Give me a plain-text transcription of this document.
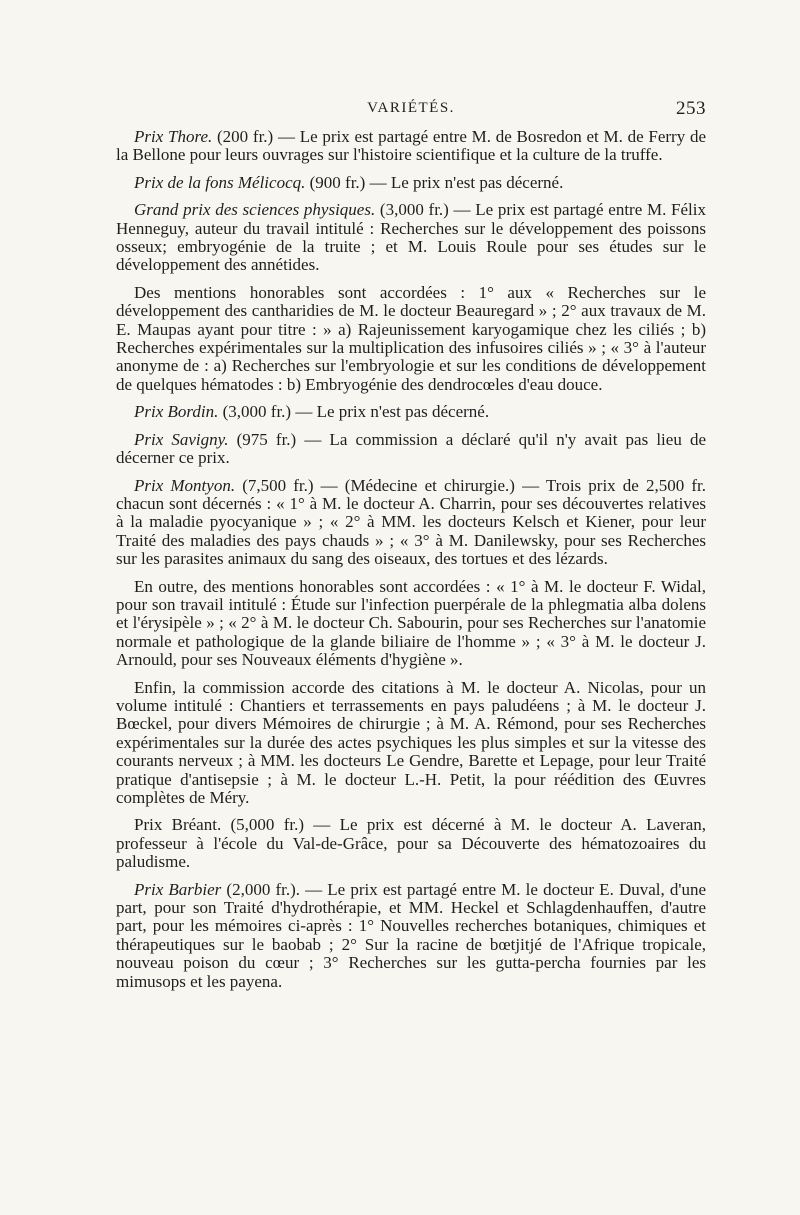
VARIÉTÉS.	253

Prix Thore. (200 fr.) — Le prix est partagé entre M. de Bosredon et M. de Ferry de la Bellone pour leurs ouvrages sur l'histoire scientifique et la culture de la truffe.

Prix de la fons Mélicocq. (900 fr.) — Le prix n'est pas décerné.

Grand prix des sciences physiques. (3,000 fr.) — Le prix est partagé entre M. Félix Henneguy, auteur du travail intitulé : Recherches sur le développement des poissons osseux; embryogénie de la truite ; et M. Louis Roule pour ses études sur le développement des annétides.

Des mentions honorables sont accordées : 1° aux « Recherches sur le développement des cantharidies de M. le docteur Beauregard » ; 2° aux travaux de M. E. Maupas ayant pour titre : » a) Rajeunissement karyogamique chez les ciliés ; b) Recherches expérimentales sur la multiplication des infusoires ciliés » ; « 3° à l'auteur anonyme de : a) Recherches sur l'embryologie et sur les conditions de développement de quelques hématodes : b) Embryogénie des dendrocœles d'eau douce.

Prix Bordin. (3,000 fr.) — Le prix n'est pas décerné.

Prix Savigny. (975 fr.) — La commission a déclaré qu'il n'y avait pas lieu de décerner ce prix.

Prix Montyon. (7,500 fr.) — (Médecine et chirurgie.) — Trois prix de 2,500 fr. chacun sont décernés : « 1° à M. le docteur A. Charrin, pour ses découvertes relatives à la maladie pyocyanique » ; « 2° à MM. les docteurs Kelsch et Kiener, pour leur Traité des maladies des pays chauds » ; « 3° à M. Danilewsky, pour ses Recherches sur les parasites animaux du sang des oiseaux, des tortues et des lézards.

En outre, des mentions honorables sont accordées : « 1° à M. le docteur F. Widal, pour son travail intitulé : Étude sur l'infection puerpérale de la phlegmatia alba dolens et l'érysipèle » ; « 2° à M. le docteur Ch. Sabourin, pour ses Recherches sur l'anatomie normale et pathologique de la glande biliaire de l'homme » ; « 3° à M. le docteur J. Arnould, pour ses Nouveaux éléments d'hygiène ».

Enfin, la commission accorde des citations à M. le docteur A. Nicolas, pour un volume intitulé : Chantiers et terrassements en pays paludéens ; à M. le docteur J. Bœckel, pour divers Mémoires de chirurgie ; à M. A. Rémond, pour ses Recherches expérimentales sur la durée des actes psychiques les plus simples et sur la vitesse des courants nerveux ; à MM. les docteurs Le Gendre, Barette et Lepage, pour leur Traité pratique d'antisepsie ; à M. le docteur L.-H. Petit, la pour réédition des Œuvres complètes de Méry.

Prix Bréant. (5,000 fr.) — Le prix est décerné à M. le docteur A. Laveran, professeur à l'école du Val-de-Grâce, pour sa Découverte des hématozoaires du paludisme.

Prix Barbier (2,000 fr.). — Le prix est partagé entre M. le docteur E. Duval, d'une part, pour son Traité d'hydrothérapie, et MM. Heckel et Schlagdenhauffen, d'autre part, pour les mémoires ci-après : 1° Nouvelles recherches botaniques, chimiques et thérapeutiques sur le baobab ; 2° Sur la racine de bœtjitjé de l'Afrique tropicale, nouveau poison du cœur ; 3° Recherches sur les gutta-percha fournies par les mimusops et les payena.
